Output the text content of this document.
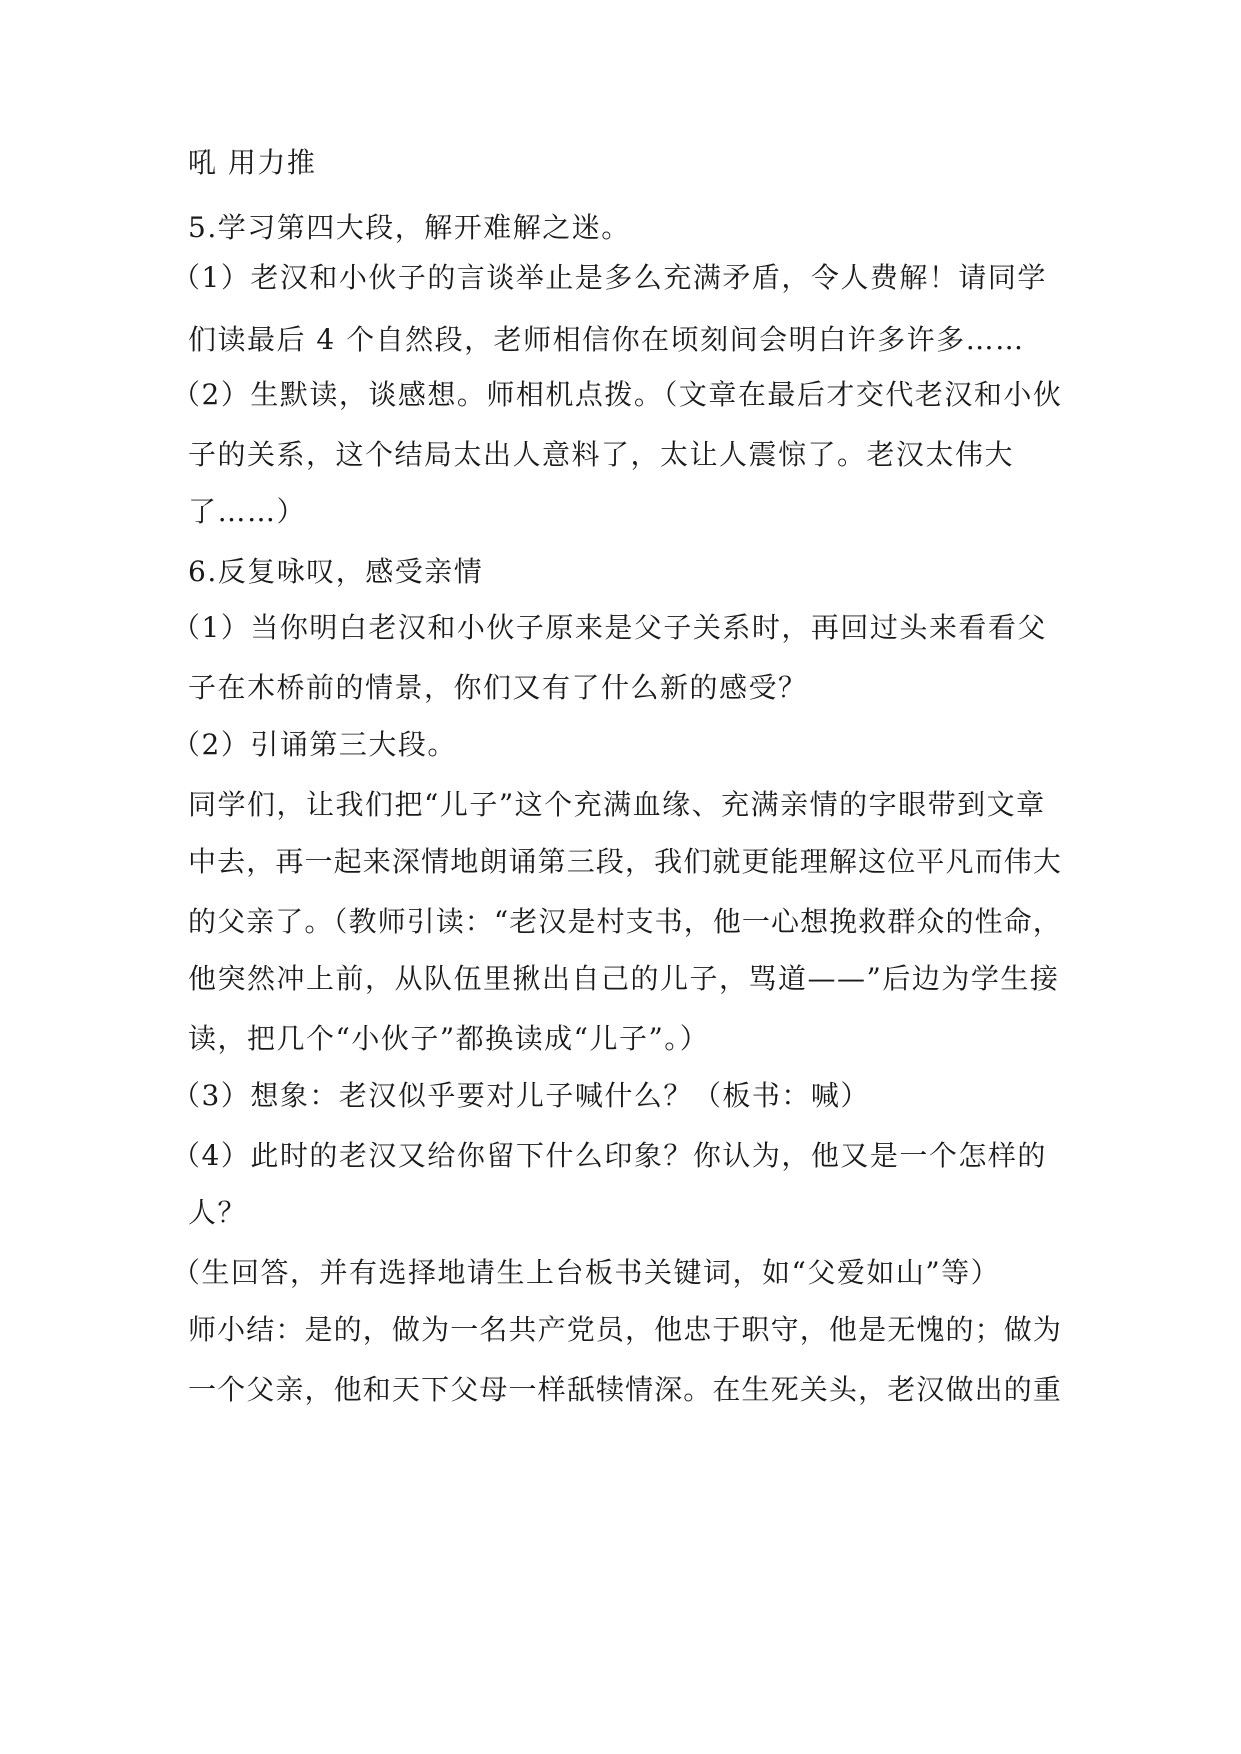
吼 用力推
5.学习第四大段，解开难解之迷。
（1）老汉和小伙子的言谈举止是多么充满矛盾，令人费解！请同学
们读最后 4 个自然段，老师相信你在顷刻间会明白许多许多……
（2）生默读，谈感想。师相机点拨。（文章在最后才交代老汉和小伙
子的关系，这个结局太出人意料了，太让人震惊了。老汉太伟大
了……）
6.反复咏叹，感受亲情
（1）当你明白老汉和小伙子原来是父子关系时，再回过头来看看父
子在木桥前的情景，你们又有了什么新的感受？
（2）引诵第三大段。
同学们，让我们把“儿子”这个充满血缘、充满亲情的字眼带到文章
中去，再一起来深情地朗诵第三段，我们就更能理解这位平凡而伟大
的父亲了。（教师引读：“老汉是村支书，他一心想挽救群众的性命，
他突然冲上前，从队伍里揪出自己的儿子，骂道——”后边为学生接
读，把几个“小伙子”都换读成“儿子”。）
（3）想象：老汉似乎要对儿子喊什么？（板书：喊）
（4）此时的老汉又给你留下什么印象？你认为，他又是一个怎样的
人？
（生回答，并有选择地请生上台板书关键词，如“父爱如山”等）
师小结：是的，做为一名共产党员，他忠于职守，他是无愧的；做为
一个父亲，他和天下父母一样舐犊情深。在生死关头，老汉做出的重
